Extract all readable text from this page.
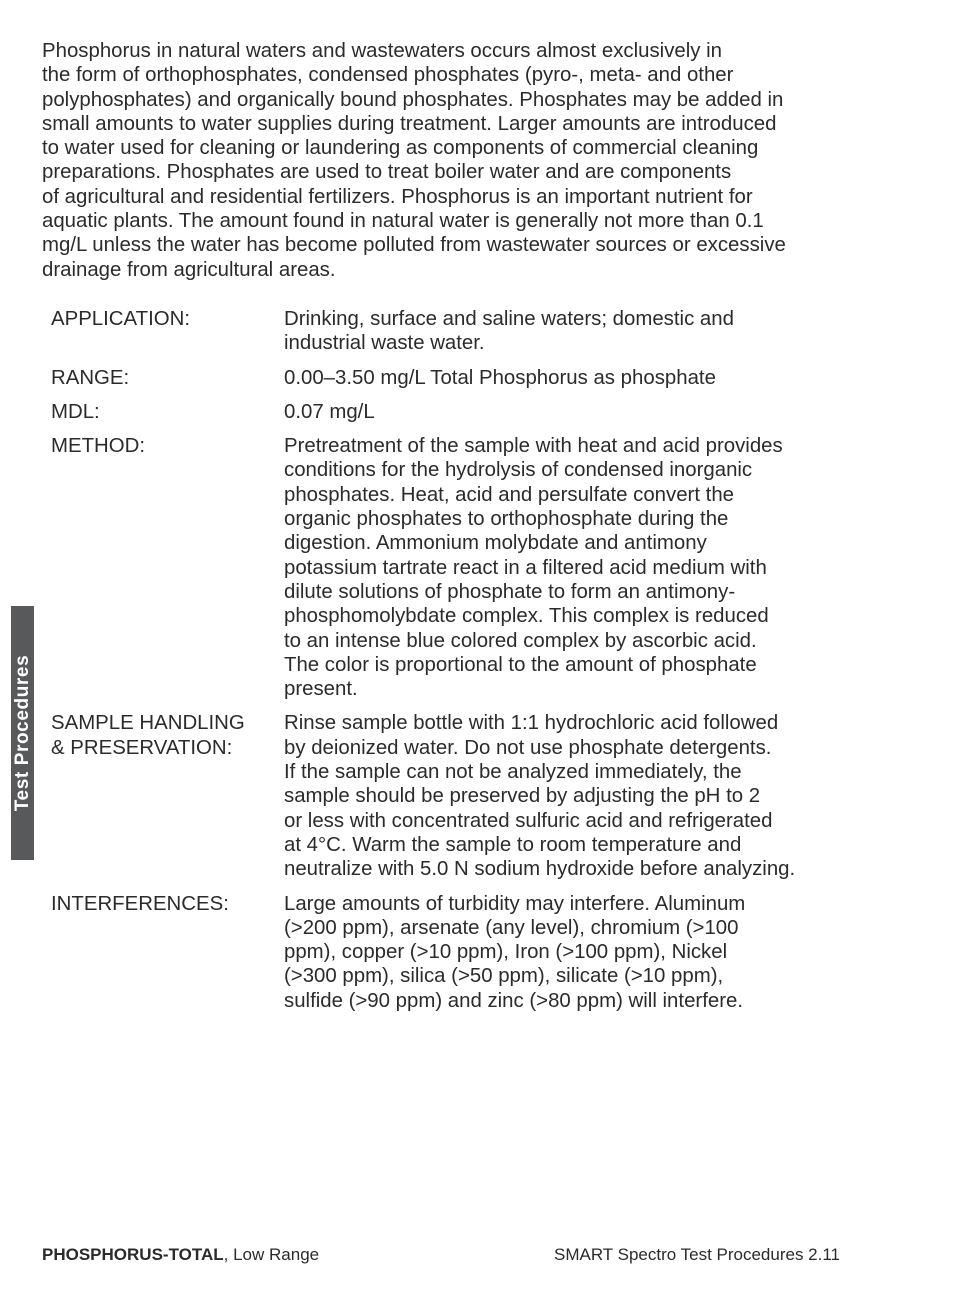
Phosphorus in natural waters and wastewaters occurs almost exclusively in
the form of orthophosphates, condensed phosphates (pyro-, meta- and other
polyphosphates) and organically bound phosphates. Phosphates may be added in
small amounts to water supplies during treatment. Larger amounts are introduced
to water used for cleaning or laundering as components of commercial cleaning
preparations. Phosphates are used to treat boiler water and are components
of agricultural and residential fertilizers. Phosphorus is an important nutrient for
aquatic plants. The amount found in natural water is generally not more than 0.1
mg/L unless the water has become polluted from wastewater sources or excessive
drainage from agricultural areas.

APPLICATION:	Drinking, surface and saline waters; domestic and
industrial waste water.
RANGE:	0.00–3.50 mg/L Total Phosphorus as phosphate
MDL:	0.07 mg/L
METHOD:	Pretreatment of the sample with heat and acid provides
conditions for the hydrolysis of condensed inorganic
phosphates. Heat, acid and persulfate convert the
organic phosphates to orthophosphate during the
digestion. Ammonium molybdate and antimony
potassium tartrate react in a filtered acid medium with
dilute solutions of phosphate to form an antimony-
phosphomolybdate complex. This complex is reduced
to an intense blue colored complex by ascorbic acid.
The color is proportional to the amount of phosphate
present.
SAMPLE HANDLING
& PRESERVATION:
Rinse sample bottle with 1:1 hydrochloric acid followed
by deionized water. Do not use phosphate detergents.
If the sample can not be analyzed immediately, the
sample should be preserved by adjusting the pH to 2
or less with concentrated sulfuric acid and refrigerated
at 4°C. Warm the sample to room temperature and
neutralize with 5.0 N sodium hydroxide before analyzing.
INTERFERENCES:	Large amounts of turbidity may interfere. Aluminum
(>200 ppm), arsenate (any level), chromium (>100
ppm), copper (>10 ppm), Iron (>100 ppm), Nickel
(>300 ppm), silica (>50 ppm), silicate (>10 ppm),
sulfide (>90 ppm) and zinc (>80 ppm) will interfere.
Test Procedures
PHOSPHORUS-TOTAL, Low Range	SMART Spectro Test Procedures 2.11
